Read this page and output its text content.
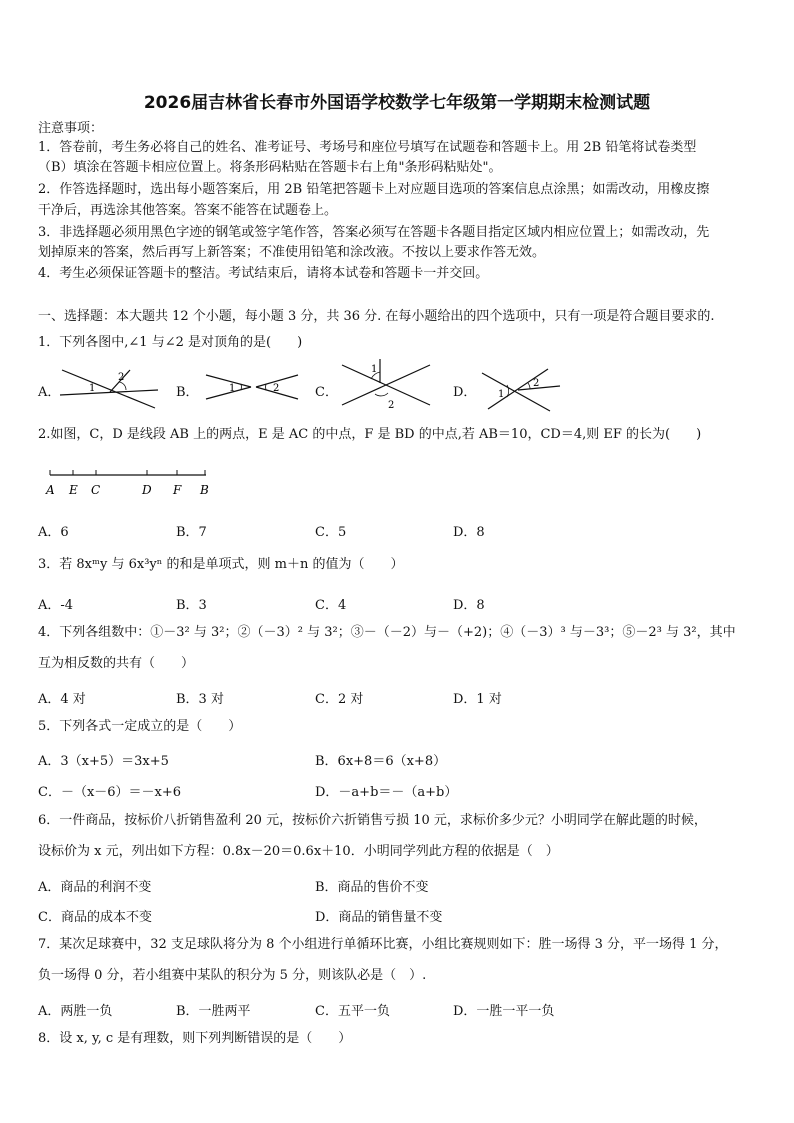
2026届吉林省长春市外国语学校数学七年级第一学期期末检测试题
注意事项：
1．答卷前，考生务必将自己的姓名、准考证号、考场号和座位号填写在试题卷和答题卡上。用 2B 铅笔将试卷类型
（B）填涂在答题卡相应位置上。将条形码粘贴在答题卡右上角"条形码粘贴处"。
2．作答选择题时，选出每小题答案后，用 2B 铅笔把答题卡上对应题目选项的答案信息点涂黑；如需改动，用橡皮擦
干净后，再选涂其他答案。答案不能答在试题卷上。
3．非选择题必须用黑色字迹的钢笔或签字笔作答，答案必须写在答题卡各题目指定区域内相应位置上；如需改动，先
划掉原来的答案，然后再写上新答案；不准使用铅笔和涂改液。不按以上要求作答无效。
4．考生必须保证答题卡的整洁。考试结束后，请将本试卷和答题卡一并交回。
一、选择题：本大题共 12 个小题，每小题 3 分，共 36 分. 在每小题给出的四个选项中，只有一项是符合题目要求的.
1．下列各图中,∠1 与∠2 是对顶角的是(　　)
A．
2
1	B．	1	2	C．
1
2
D． 1
2
2.如图，C，D 是线段 AB 上的两点，E 是 AC 的中点，F 是 BD 的中点,若 AB＝10，CD＝4,则 EF 的长为(　　)
A E C	D F B
A．6	B．7	C．5	D．8
3．若 8xᵐy 与 6x³yⁿ 的和是单项式，则 m＋n 的值为（　　）
A．-4	B．3	C．4	D．8
4．下列各组数中：①－3² 与 3²；②（－3）² 与 3²；③－（－2）与－（+2)；④（－3）³ 与－3³；⑤－2³ 与 3²，其中
互为相反数的共有（　　）
A．4 对	B．3 对	C．2 对	D．1 对
5．下列各式一定成立的是（　　）
A．3（x+5）＝3x+5	B．6x+8＝6（x+8）
C．－（x－6）＝－x+6	D．－a+b＝－（a+b）
6．一件商品，按标价八折销售盈利 20 元，按标价六折销售亏损 10 元，求标价多少元？小明同学在解此题的时候，
设标价为 x 元，列出如下方程：0.8x－20＝0.6x＋10．小明同学列此方程的依据是（　）
A．商品的利润不变	B．商品的售价不变
C．商品的成本不变	D．商品的销售量不变
7．某次足球赛中，32 支足球队将分为 8 个小组进行单循环比赛，小组比赛规则如下：胜一场得 3 分，平一场得 1 分，
负一场得 0 分，若小组赛中某队的积分为 5 分，则该队必是（　）.
A．两胜一负	B．一胜两平	C．五平一负	D．一胜一平一负
8．设 x, y, c 是有理数，则下列判断错误的是（　　）
